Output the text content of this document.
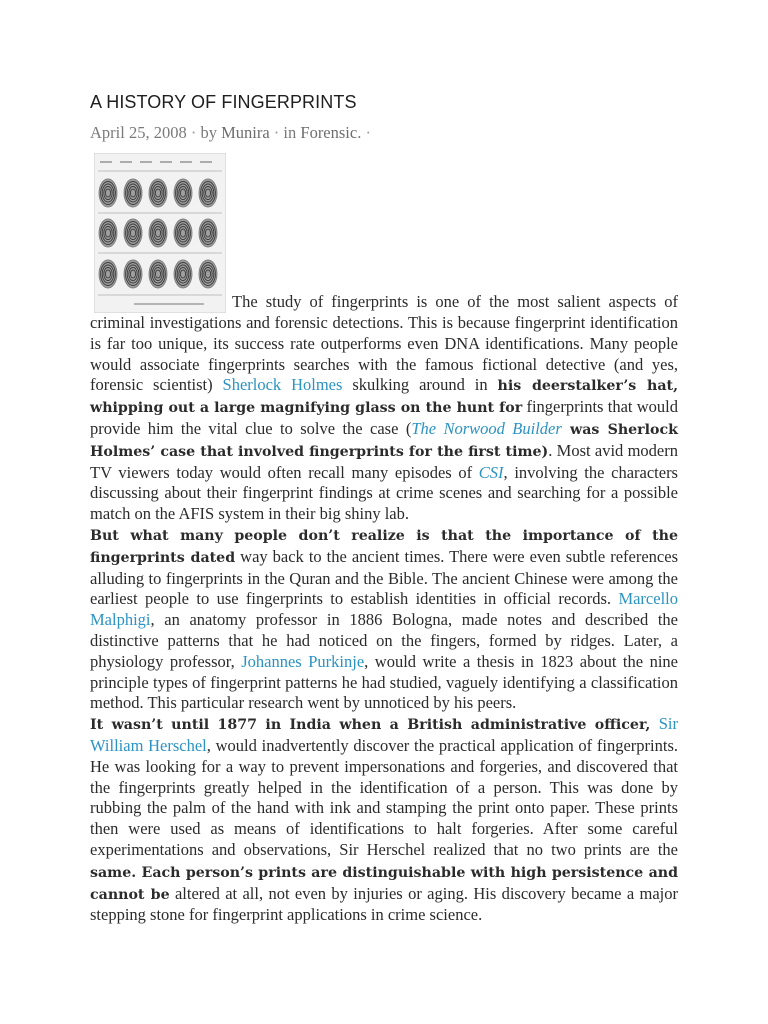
A HISTORY OF FINGERPRINTS
April 25, 2008 · by Munira · in Forensic. ·

The study of fingerprints is one of the most salient aspects of criminal investigations and forensic detections. This is because fingerprint identification is far too unique, its success rate outperforms even DNA identifications. Many people would associate fingerprints searches with the famous fictional detective (and yes, forensic scientist) Sherlock Holmes skulking around in his deerstalker’s hat, whipping out a large magnifying glass on the hunt for fingerprints that would provide him the vital clue to solve the case (The Norwood Builder was Sherlock Holmes’ case that involved fingerprints for the first time). Most avid modern TV viewers today would often recall many episodes of CSI, involving the characters discussing about their fingerprint findings at crime scenes and searching for a possible match on the AFIS system in their big shiny lab.

But what many people don’t realize is that the importance of the fingerprints dated way back to the ancient times. There were even subtle references alluding to fingerprints in the Quran and the Bible. The ancient Chinese were among the earliest people to use fingerprints to establish identities in official records. Marcello Malphigi, an anatomy professor in 1886 Bologna, made notes and described the distinctive patterns that he had noticed on the fingers, formed by ridges. Later, a physiology professor, Johannes Purkinje, would write a thesis in 1823 about the nine principle types of fingerprint patterns he had studied, vaguely identifying a classification method. This particular research went by unnoticed by his peers.

It wasn’t until 1877 in India when a British administrative officer, Sir William Herschel, would inadvertently discover the practical application of fingerprints. He was looking for a way to prevent impersonations and forgeries, and discovered that the fingerprints greatly helped in the identification of a person. This was done by rubbing the palm of the hand with ink and stamping the print onto paper. These prints then were used as means of identifications to halt forgeries. After some careful experimentations and observations, Sir Herschel realized that no two prints are the same. Each person’s prints are distinguishable with high persistence and cannot be altered at all, not even by injuries or aging. His discovery became a major stepping stone for fingerprint applications in crime science.
